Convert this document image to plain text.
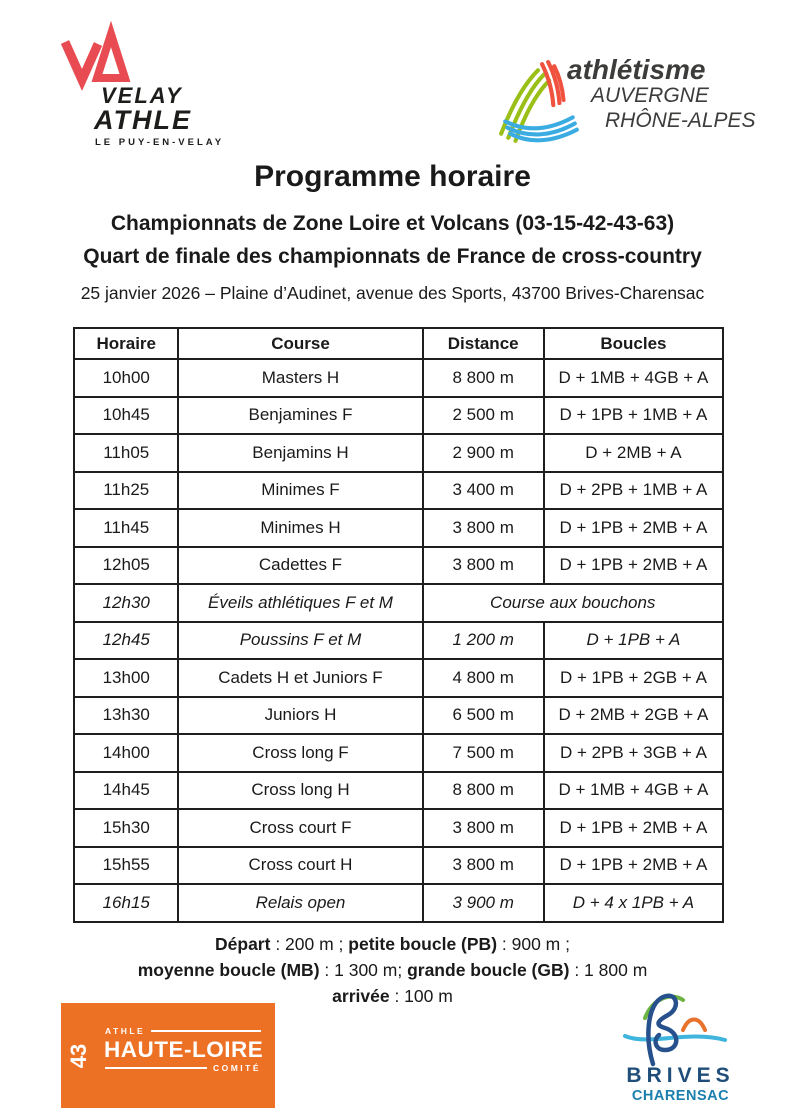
VELAY
ATHLE
LE PUY-EN-VELAY
athlétisme
AUVERGNE
RHÔNE-ALPES
Programme horaire
Championnats de Zone Loire et Volcans (03-15-42-43-63)
Quart de finale des championnats de France de cross-country
25 janvier 2026 – Plaine d’Audinet, avenue des Sports, 43700 Brives-Charensac
Horaire	Course	Distance	Boucles
10h00	Masters H	8 800 m	D + 1MB + 4GB + A
10h45	Benjamines F	2 500 m	D + 1PB + 1MB + A
11h05	Benjamins H	2 900 m	D + 2MB + A
11h25	Minimes F	3 400 m	D + 2PB + 1MB + A
11h45	Minimes H	3 800 m	D + 1PB + 2MB + A
12h05	Cadettes F	3 800 m	D + 1PB + 2MB + A
12h30	Éveils athlétiques F et M	Course aux bouchons	
12h45	Poussins F et M	1 200 m	D + 1PB + A
13h00	Cadets H et Juniors F	4 800 m	D + 1PB + 2GB + A
13h30	Juniors H	6 500 m	D + 2MB + 2GB + A
14h00	Cross long F	7 500 m	D + 2PB + 3GB + A
14h45	Cross long H	8 800 m	D + 1MB + 4GB + A
15h30	Cross court F	3 800 m	D + 1PB + 2MB + A
15h55	Cross court H	3 800 m	D + 1PB + 2MB + A
16h15	Relais open	3 900 m	D + 4 x 1PB + A
Départ : 200 m ; petite boucle (PB) : 900 m ;
moyenne boucle (MB) : 1 300 m; grande boucle (GB) : 1 800 m
arrivée : 100 m
43
ATHLE
HAUTE-LOIRE
COMITÉ	BRIVES
CHARENSAC
